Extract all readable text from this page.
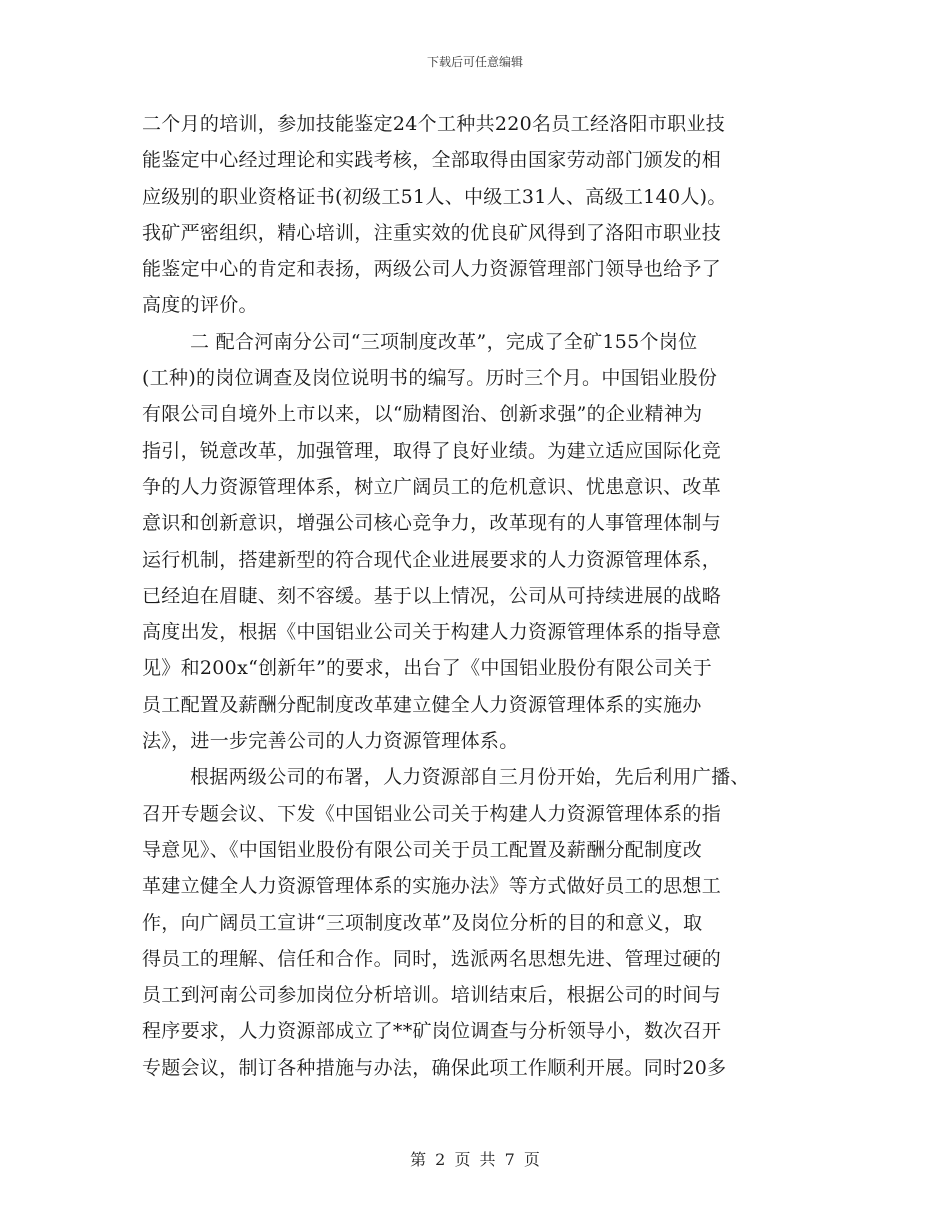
下载后可任意编辑
二个月的培训，参加技能鉴定24个工种共220名员工经洛阳市职业技
能鉴定中心经过理论和实践考核，全部取得由国家劳动部门颁发的相
应级别的职业资格证书(初级工51人、中级工31人、高级工140人)。
我矿严密组织，精心培训，注重实效的优良矿风得到了洛阳市职业技
能鉴定中心的肯定和表扬，两级公司人力资源管理部门领导也给予了
高度的评价。
二 配合河南分公司“三项制度改革”，完成了全矿155个岗位
(工种)的岗位调查及岗位说明书的编写。历时三个月。中国铝业股份
有限公司自境外上市以来，以“励精图治、创新求强”的企业精神为
指引，锐意改革，加强管理，取得了良好业绩。为建立适应国际化竞
争的人力资源管理体系，树立广阔员工的危机意识、忧患意识、改革
意识和创新意识，增强公司核心竞争力，改革现有的人事管理体制与
运行机制，搭建新型的符合现代企业进展要求的人力资源管理体系，
已经迫在眉睫、刻不容缓。基于以上情况，公司从可持续进展的战略
高度出发，根据《中国铝业公司关于构建人力资源管理体系的指导意
见》和200x“创新年”的要求，出台了《中国铝业股份有限公司关于
员工配置及薪酬分配制度改革建立健全人力资源管理体系的实施办
法》，进一步完善公司的人力资源管理体系。
根据两级公司的布署，人力资源部自三月份开始，先后利用广播、
召开专题会议、下发《中国铝业公司关于构建人力资源管理体系的指
导意见》、《中国铝业股份有限公司关于员工配置及薪酬分配制度改
革建立健全人力资源管理体系的实施办法》等方式做好员工的思想工
作，向广阔员工宣讲“三项制度改革”及岗位分析的目的和意义，取
得员工的理解、信任和合作。同时，选派两名思想先进、管理过硬的
员工到河南公司参加岗位分析培训。培训结束后，根据公司的时间与
程序要求，人力资源部成立了**矿岗位调查与分析领导小，数次召开
专题会议，制订各种措施与办法，确保此项工作顺利开展。同时20多
第 2 页 共 7 页
